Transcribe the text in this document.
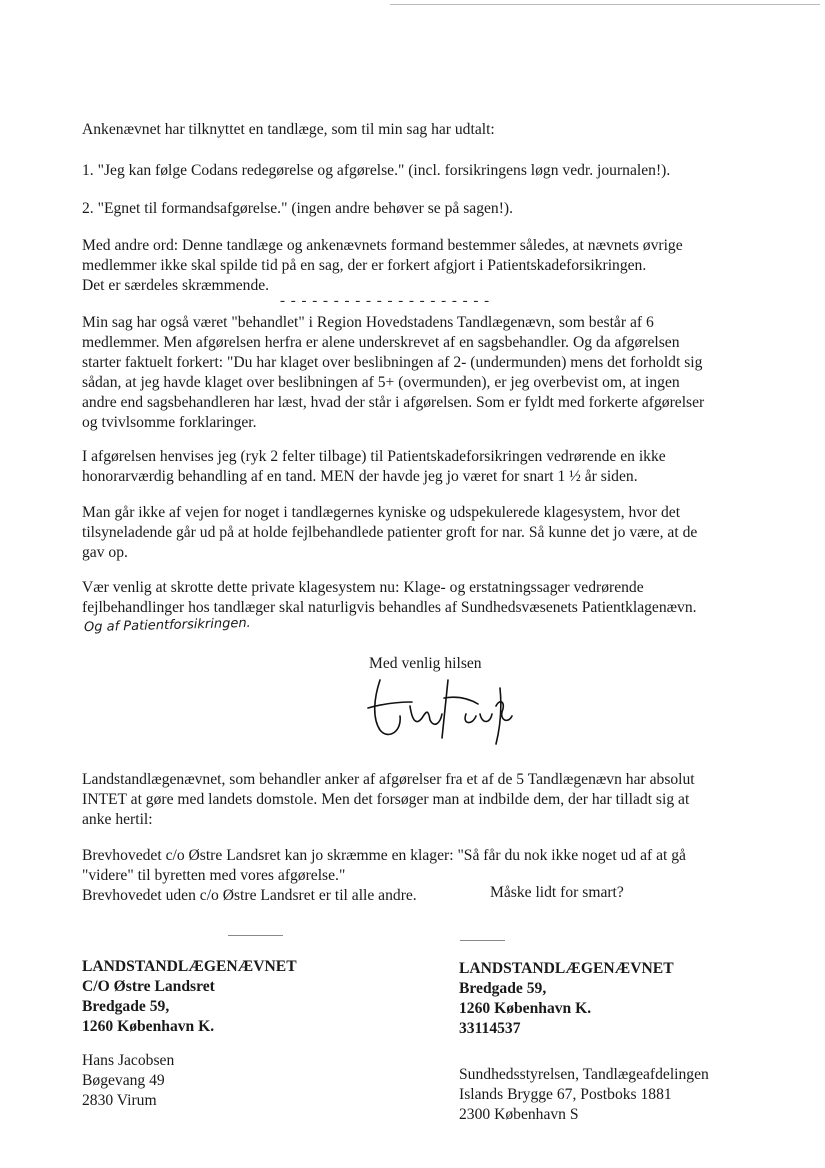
Ankenævnet har tilknyttet en tandlæge, som til min sag har udtalt:

1. "Jeg kan følge Codans redegørelse og afgørelse." (incl. forsikringens løgn vedr. journalen!).

2. "Egnet til formandsafgørelse." (ingen andre behøver se på sagen!).

Med andre ord: Denne tandlæge og ankenævnets formand bestemmer således, at nævnets øvrige
medlemmer ikke skal spilde tid på en sag, der er forkert afgjort i Patientskadeforsikringen.
Det er særdeles skræmmende.

- - - - - - - - - - - - - - - - - - - -

Min sag har også været "behandlet" i Region Hovedstadens Tandlægenævn, som består af 6
medlemmer. Men afgørelsen herfra er alene underskrevet af en sagsbehandler. Og da afgørelsen
starter faktuelt forkert: "Du har klaget over beslibningen af 2- (undermunden) mens det forholdt sig
sådan, at jeg havde klaget over beslibningen af 5+ (overmunden), er jeg overbevist om, at ingen
andre end sagsbehandleren har læst, hvad der står i afgørelsen. Som er fyldt med forkerte afgørelser
og tvivlsomme forklaringer.

I afgørelsen henvises jeg (ryk 2 felter tilbage) til Patientskadeforsikringen vedrørende en ikke
honorarværdig behandling af en tand. MEN der havde jeg jo været for snart 1 ½ år siden.

Man går ikke af vejen for noget i tandlægernes kyniske og udspekulerede klagesystem, hvor det
tilsyneladende går ud på at holde fejlbehandlede patienter groft for nar. Så kunne det jo være, at de
gav op.

Vær venlig at skrotte dette private klagesystem nu: Klage- og erstatningssager vedrørende
fejlbehandlinger hos tandlæger skal naturligvis behandles af Sundhedsvæsenets Patientklagenævn.

Og af Patientforsikringen.
Med venlig hilsen

Landstandlægenævnet, som behandler anker af afgørelser fra et af de 5 Tandlægenævn har absolut
INTET at gøre med landets domstole. Men det forsøger man at indbilde dem, der har tilladt sig at
anke hertil:

Brevhovedet c/o Østre Landsret kan jo skræmme en klager: "Så får du nok ikke noget ud af at gå
"videre" til byretten med vores afgørelse."
Brevhovedet uden c/o Østre Landsret er til alle andre.	Måske lidt for smart?
LANDSTANDLÆGENÆVNET
C/O Østre Landsret
Bredgade 59,
1260 København K.
LANDSTANDLÆGENÆVNET
Bredgade 59,
1260 København K.
33114537
Hans Jacobsen
Bøgevang 49
2830 Virum
Sundhedsstyrelsen, Tandlægeafdelingen
Islands Brygge 67, Postboks 1881
2300 København S
